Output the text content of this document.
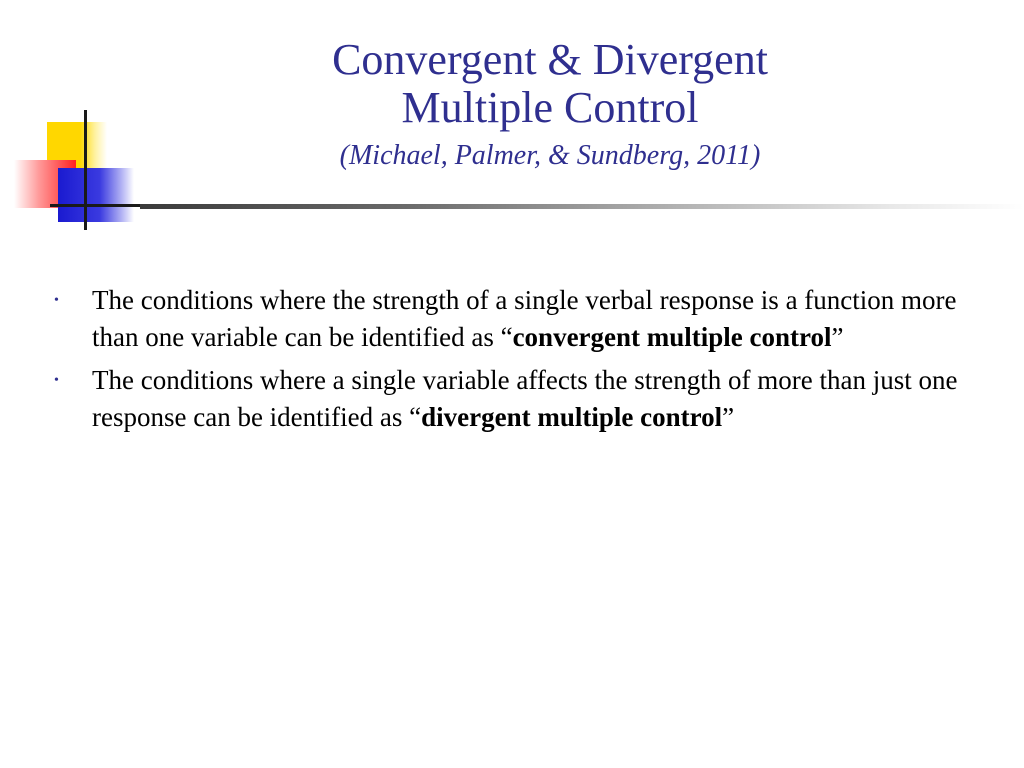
Convergent & Divergent
Multiple Control
(Michael, Palmer, & Sundberg, 2011)
• The conditions where the strength of a single verbal response is a function more than one variable can be identified as “convergent multiple control”
• The conditions where a single variable affects the strength of more than just one response can be identified as “divergent multiple control”
